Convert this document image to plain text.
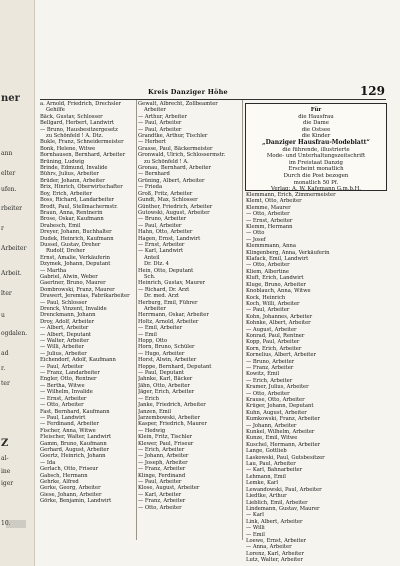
ner
ann
elter
ufen.
rbeiter
r
Arbeiter
Arbeit.
lter
u
ogdalen.
ad
r.
ter
Z
al-
ine
iger
10.
Kreis Danziger Höhe	129
a. Arnold, Friedrich, Drechsler
Gehilfe
Bäck, Gustav, Schlosser
Bellgard, Herbert, Landwirt
— Bruno, Hausbesitzergesetz
zu Schönfeld ! A. Dtz.
Bukle, Franz, Schneidermeister
Bonk, Helene, Witwe
Bornhausen, Bernhard, Arbeiter
Brüning, Ludwig
Brinde, Edmund, Invalide
Bührs, Julius, Arbeiter
Brüder, Johann, Arbeiter
Brix, Hinrich, Oberwirtschafter
Boy, Erich, Arbeiter
Boss, Richard, Landarbeiter
Brodt, Paul, Stellmachermstr.
Braun, Anna, Rentnerin
Brose, Oskar, Kaufmann
Drabesch, Emil
Dreyer, Johann, Buchhalter
Dudek, Heinrich, Kaufmann
Dussel, Gustav, Dreher
Rudolf, Dreher
Ernst, Amalie, Verkäuferin
Dzymek, Johann, Deputant
— Martha
Gabriel, Alwin, Weber
Gaertner, Bruno, Maurer
Dombrowski, Franz, Maurer
Drawert, Jeremias, Fabrikarbeiter
— Paul, Schlosser
Drenck, Vinzent, Invalide
Drenckmann, Johann
Droy, Adolf, Arbeiter
— Albert, Arbeiter
— Albert, Deputant
— Walter, Arbeiter
— Willi, Arbeiter
— Julius, Arbeiter
Eichendorf, Adolf, Kaufmann
— Paul, Arbeiter
— Franz, Landarbeiter
Engler, Otto, Rentner
— Bertha, Witwe
— Wilhelm, Invalide
— Ernst, Arbeiter
— Otto, Arbeiter
Fast, Bernhard, Kaufmann
— Paul, Landwirt
— Ferdinand, Arbeiter
Fischer, Anna, Witwe
Fleischer, Walter, Landwirt
Gamm, Bruno, Kaufmann
Gerhard, August, Arbeiter
Goertz, Heinrich, Johann
— Ida
Gerlach, Otto, Friseur
Gabsch, Hermann
Gehrke, Alfred
Gerke, Georg, Arbeiter
Giese, Johann, Arbeiter
Görke, Benjamin, Landwirt
Gewalt, Albrecht, Zollbeamter
Arbeiter
— Arthur, Arbeiter
— Paul, Arbeiter
— Paul, Arbeiter
Grandtke, Arthur, Tischler
— Herbert
Grasse, Paul, Bäckermeister
Gronwald, Ulrich, Schlossermstr.
zu Schönfeld ! A.
Gronau, Bernhard, Arbeiter
— Bernhard
Grüning, Albert, Arbeiter
— Frieda
Groß, Fritz, Arbeiter
Gundt, Max, Schlosser
Günther, Friedrich, Arbeiter
Gutowski, August, Arbeiter
— Bruno, Arbeiter
— Paul, Arbeiter
Hahn, Otto, Arbeiter
Hagen, Ernst, Landwirt
— Ernst, Arbeiter
— Karl, Landwirt
Anteil
Dr. Dtz. 4
Hein, Otto, Deputant
Sch.
Heinrich, Gustav, Maurer
— Richard, Dr. Arzt
Dr. med. Arzt
Herburg, Emil, Führer
Arbeiter
Herrmann, Oskar, Arbeiter
Holtz, Arnold, Arbeiter
— Emil, Arbeiter
— Emil
Hopp, Otto
Horn, Bruno, Schüler
— Hugo, Arbeiter
Horst, Alwin, Arbeiter
Hoppe, Bernhard, Deputant
— Paul, Deputant
Jahnke, Karl, Bäcker
Jähn, Otto, Arbeiter
Jäger, Erich, Arbeiter
— Erich
Janke, Friedrich, Arbeiter
Janzen, Emil
Jarzembowski, Arbeiter
Kasper, Friedrich, Maurer
— Hedwig
Klein, Fritz, Tischler
Klewer, Paul, Friseur
— Erich, Arbeiter
— Johann, Arbeiter
— Joseph, Arbeiter
— Franz, Arbeiter
Klinge, Ferdinand
— Paul, Arbeiter
Klose, August, Arbeiter
— Karl, Arbeiter
— Franz, Arbeiter
— Otto, Arbeiter
Für
die Hausfrau
die Dame
die Ostsee
die Kinder
„Danziger Hausfrau-Modeblatt“
die führende, illustrierte
Mode- und Unterhaltungszeitschrift
im Freistaat Danzig
Erscheint monatlich
Durch die Post bezogen
monatlich 50 Pf.
Verlag: A. W. Kafemann G.m.b.H.
Klemmann, Erich, Zimmermeister
Klemt, Otto, Arbeiter
Klemme, Maurer
— Otto, Arbeiter
— Ernst, Arbeiter
Klemm, Hermann
— Otto
— Josef
Klemmmann, Anna
Klingenberg, Anna, Verkäuferin
Klafack, Emil, Landwirt
— Otto, Arbeiter
Kliem, Albertine
Kluft, Erich, Landwirt
Kluge, Bruno, Arbeiter
Knoblauch, Anna, Witwe
Kock, Heinrich
Koch, Willi, Arbeiter
— Paul, Arbeiter
Kohn, Johannes, Arbeiter
Kohnke, Albert, Arbeiter
— August, Arbeiter
Konrad, Paul, Rentner
Kopp, Paul, Arbeiter
Korn, Erich, Arbeiter
Kornelius, Albert, Arbeiter
— Bruno, Arbeiter
— Franz, Arbeiter
Kowitz, Emil
— Erich, Arbeiter
Kramer, Julius, Arbeiter
— Otto, Arbeiter
Krause, Otto, Arbeiter
Krüger, Johann, Deputant
Kuhn, August, Arbeiter
Kumkowski, Franz, Arbeiter
— Johann, Arbeiter
Kunkel, Wilhelm, Arbeiter
Kunze, Emil, Witwe
Kuschel, Hermann, Arbeiter
Lange, Gottlieb
Laskowski, Paul, Gutsbesitzer
Lau, Paul, Arbeiter
— Karl, Bahnarbeiter
Lehmann, Emil
Lemke, Karl
Lewandowski, Paul, Arbeiter
Liedtke, Arthur
Lieblich, Emil, Arbeiter
Lindemann, Gustav, Maurer
— Karl
Link, Albert, Arbeiter
— Willi
— Emil
Loewe, Ernst, Arbeiter
— Anna, Arbeiter
Lorenz, Karl, Arbeiter
Lutz, Walter, Arbeiter
